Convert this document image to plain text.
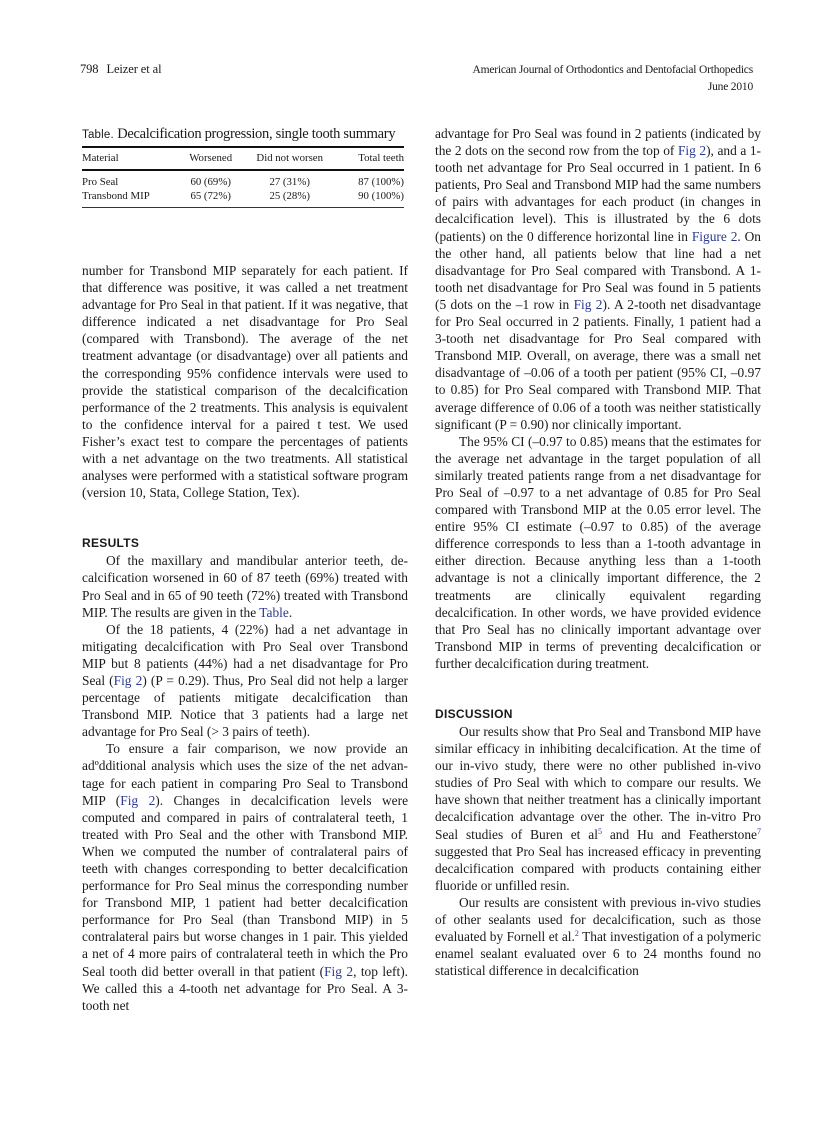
798 Leizer et al	American Journal of Orthodontics and Dentofacial Orthopedics
June 2010
Table. Decalcification progression, single tooth summary
Material	Worsened	Did not worsen	Total teeth
Pro Seal	60 (69%)	27 (31%)	87 (100%)
Transbond MIP	65 (72%)	25 (28%)	90 (100%)

number for Transbond MIP separately for each patient. If that difference was positive, it was called a net treatment advantage for Pro Seal in that patient. If it was negative, that difference indicated a net disadvantage for Pro Seal (compared with Transbond). The average of the net treatment advantage (or disadvantage) over all patients and the corresponding 95% confidence intervals were used to provide the statistical comparison of the decalcification performance of the 2 treatments. This analysis is equivalent to the confidence interval for a paired t test. We used Fisher’s exact test to compare the percentages of patients with a net advantage on the two treatments. All statistical analyses were performed with a statistical software program (version 10, Stata, College Station, Tex).

RESULTS

Of the maxillary and mandibular anterior teeth, decalcification worsened in 60 of 87 teeth (69%) treated with Pro Seal and in 65 of 90 teeth (72%) treated with Transbond MIP. The results are given in the Table.

Of the 18 patients, 4 (22%) had a net advantage in mitigating decalcification with Pro Seal over Transbond MIP but 8 patients (44%) had a net disadvantage for Pro Seal (Fig 2) (P = 0.29). Thus, Pro Seal did not help a larger percentage of patients mitigate decalcification than Transbond MIP. Notice that 3 patients had a large net advantage for Pro Seal (> 3 pairs of teeth).

To ensure a fair comparison, we now provide an adºdditional analysis which uses the size of the net advantage for each patient in comparing Pro Seal to Transbond MIP (Fig 2). Changes in decalcification levels were computed and compared in pairs of contralateral teeth, 1 treated with Pro Seal and the other with Transbond MIP. When we computed the number of contralateral pairs of teeth with changes corresponding to better decalcification performance for Pro Seal minus the corresponding number for Transbond MIP, 1 patient had better decalcification performance for Pro Seal (than Transbond MIP) in 5 contralateral pairs but worse changes in 1 pair. This yielded a net of 4 more pairs of contralateral teeth in which the Pro Seal tooth did better overall in that patient (Fig 2, top left). We called this a 4-tooth net advantage for Pro Seal. A 3-tooth net

advantage for Pro Seal was found in 2 patients (indicated by the 2 dots on the second row from the top of Fig 2), and a 1-tooth net advantage for Pro Seal occurred in 1 patient. In 6 patients, Pro Seal and Transbond MIP had the same numbers of pairs with advantages for each product (in changes in decalcification level). This is illustrated by the 6 dots (patients) on the 0 difference horizontal line in Figure 2. On the other hand, all patients below that line had a net disadvantage for Pro Seal compared with Transbond. A 1-tooth net disadvantage for Pro Seal was found in 5 patients (5 dots on the –1 row in Fig 2). A 2-tooth net disadvantage for Pro Seal occurred in 2 patients. Finally, 1 patient had a 3-tooth net disadvantage for Pro Seal compared with Transbond MIP. Overall, on average, there was a small net disadvantage of –0.06 of a tooth per patient (95% CI, –0.97 to 0.85) for Pro Seal compared with Transbond MIP. That average difference of 0.06 of a tooth was neither statistically significant (P = 0.90) nor clinically important.

The 95% CI (–0.97 to 0.85) means that the estimates for the average net advantage in the target population of all similarly treated patients range from a net disadvantage for Pro Seal of –0.97 to a net advantage of 0.85 for Pro Seal compared with Transbond MIP at the 0.05 error level. The entire 95% CI estimate (–0.97 to 0.85) of the average difference corresponds to less than a 1-tooth advantage in either direction. Because anything less than a 1-tooth advantage is not a clinically important difference, the 2 treatments are clinically equivalent regarding decalcification. In other words, we have provided evidence that Pro Seal has no clinically important advantage over Transbond MIP in terms of preventing decalcification or further decalcification during treatment.

DISCUSSION

Our results show that Pro Seal and Transbond MIP have similar efficacy in inhibiting decalcification. At the time of our in-vivo study, there were no other published in-vivo studies of Pro Seal with which to compare our results. We have shown that neither treatment has a clinically important decalcification advantage over the other. The in-vitro Pro Seal studies of Buren et $al^5$ and Hu and Featherstone$^7$ suggested that Pro Seal has increased efficacy in preventing decalcification compared with products containing either fluoride or unfilled resin.

Our results are consistent with previous in-vivo studies of other sealants used for decalcification, such as those evaluated by Fornell et al.$^2$ That investigation of a polymeric enamel sealant evaluated over 6 to 24 months found no statistical difference in decalcification
